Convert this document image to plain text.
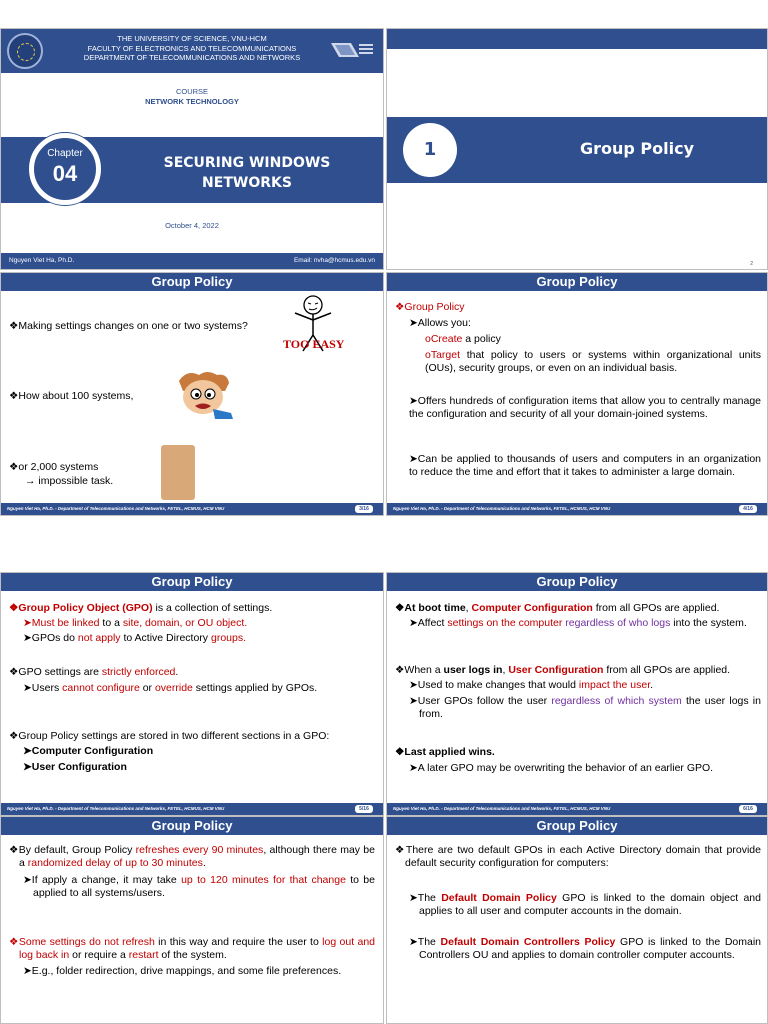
THE UNIVERSITY OF SCIENCE, VNU-HCM
FACULTY OF ELECTRONICS AND TELECOMMUNICATIONS
DEPARTMENT OF TELECOMMUNICATIONS AND NETWORKS
COURSE
NETWORK TECHNOLOGY
Chapter
04	SECURING WINDOWS
NETWORKS
October 4, 2022
Nguyen Viet Ha, Ph.D.	Email: nvha@hcmus.edu.vn
1	Group Policy
2
Group Policy
❖Making settings changes on one or two systems?
TOO EASY
❖How about 100 systems,
❖or 2,000 systems
→ impossible task.
Nguyen Viet Ha, Ph.D. - Department of Telecommunications and Networks, FETEL, HCMUS, HCM VNU	3/16
Group Policy
❖Group Policy
➤Allows you:
oCreate a policy
oTarget that policy to users or systems within organizational units (OUs), security groups, or even on an individual basis.
➤Offers hundreds of configuration items that allow you to centrally manage the configuration and security of all your domain-joined systems.
➤Can be applied to thousands of users and computers in an organization to reduce the time and effort that it takes to administer a large domain.
Nguyen Viet Ha, Ph.D. - Department of Telecommunications and Networks, FETEL, HCMUS, HCM VNU	4/16
Group Policy
❖Group Policy Object (GPO) is a collection of settings.
➤Must be linked to a site, domain, or OU object.
➤GPOs do not apply to Active Directory groups.
❖GPO settings are strictly enforced.
➤Users cannot configure or override settings applied by GPOs.
❖Group Policy settings are stored in two different sections in a GPO:
➤Computer Configuration
➤User Configuration
Nguyen Viet Ha, Ph.D. - Department of Telecommunications and Networks, FETEL, HCMUS, HCM VNU	5/16
Group Policy
❖At boot time, Computer Configuration from all GPOs are applied.
➤Affect settings on the computer regardless of who logs into the system.
❖When a user logs in, User Configuration from all GPOs are applied.
➤Used to make changes that would impact the user.
➤User GPOs follow the user regardless of which system the user logs in from.
❖Last applied wins.
➤A later GPO may be overwriting the behavior of an earlier GPO.
Nguyen Viet Ha, Ph.D. - Department of Telecommunications and Networks, FETEL, HCMUS, HCM VNU	6/16
Group Policy
❖By default, Group Policy refreshes every 90 minutes, although there may be a randomized delay of up to 30 minutes.
➤If apply a change, it may take up to 120 minutes for that change to be applied to all systems/users.
❖Some settings do not refresh in this way and require the user to log out and log back in or require a restart of the system.
➤E.g., folder redirection, drive mappings, and some file preferences.
Group Policy
❖There are two default GPOs in each Active Directory domain that provide default security configuration for computers:
➤The Default Domain Policy GPO is linked to the domain object and applies to all user and computer accounts in the domain.
➤The Default Domain Controllers Policy GPO is linked to the Domain Controllers OU and applies to domain controller computer accounts.
